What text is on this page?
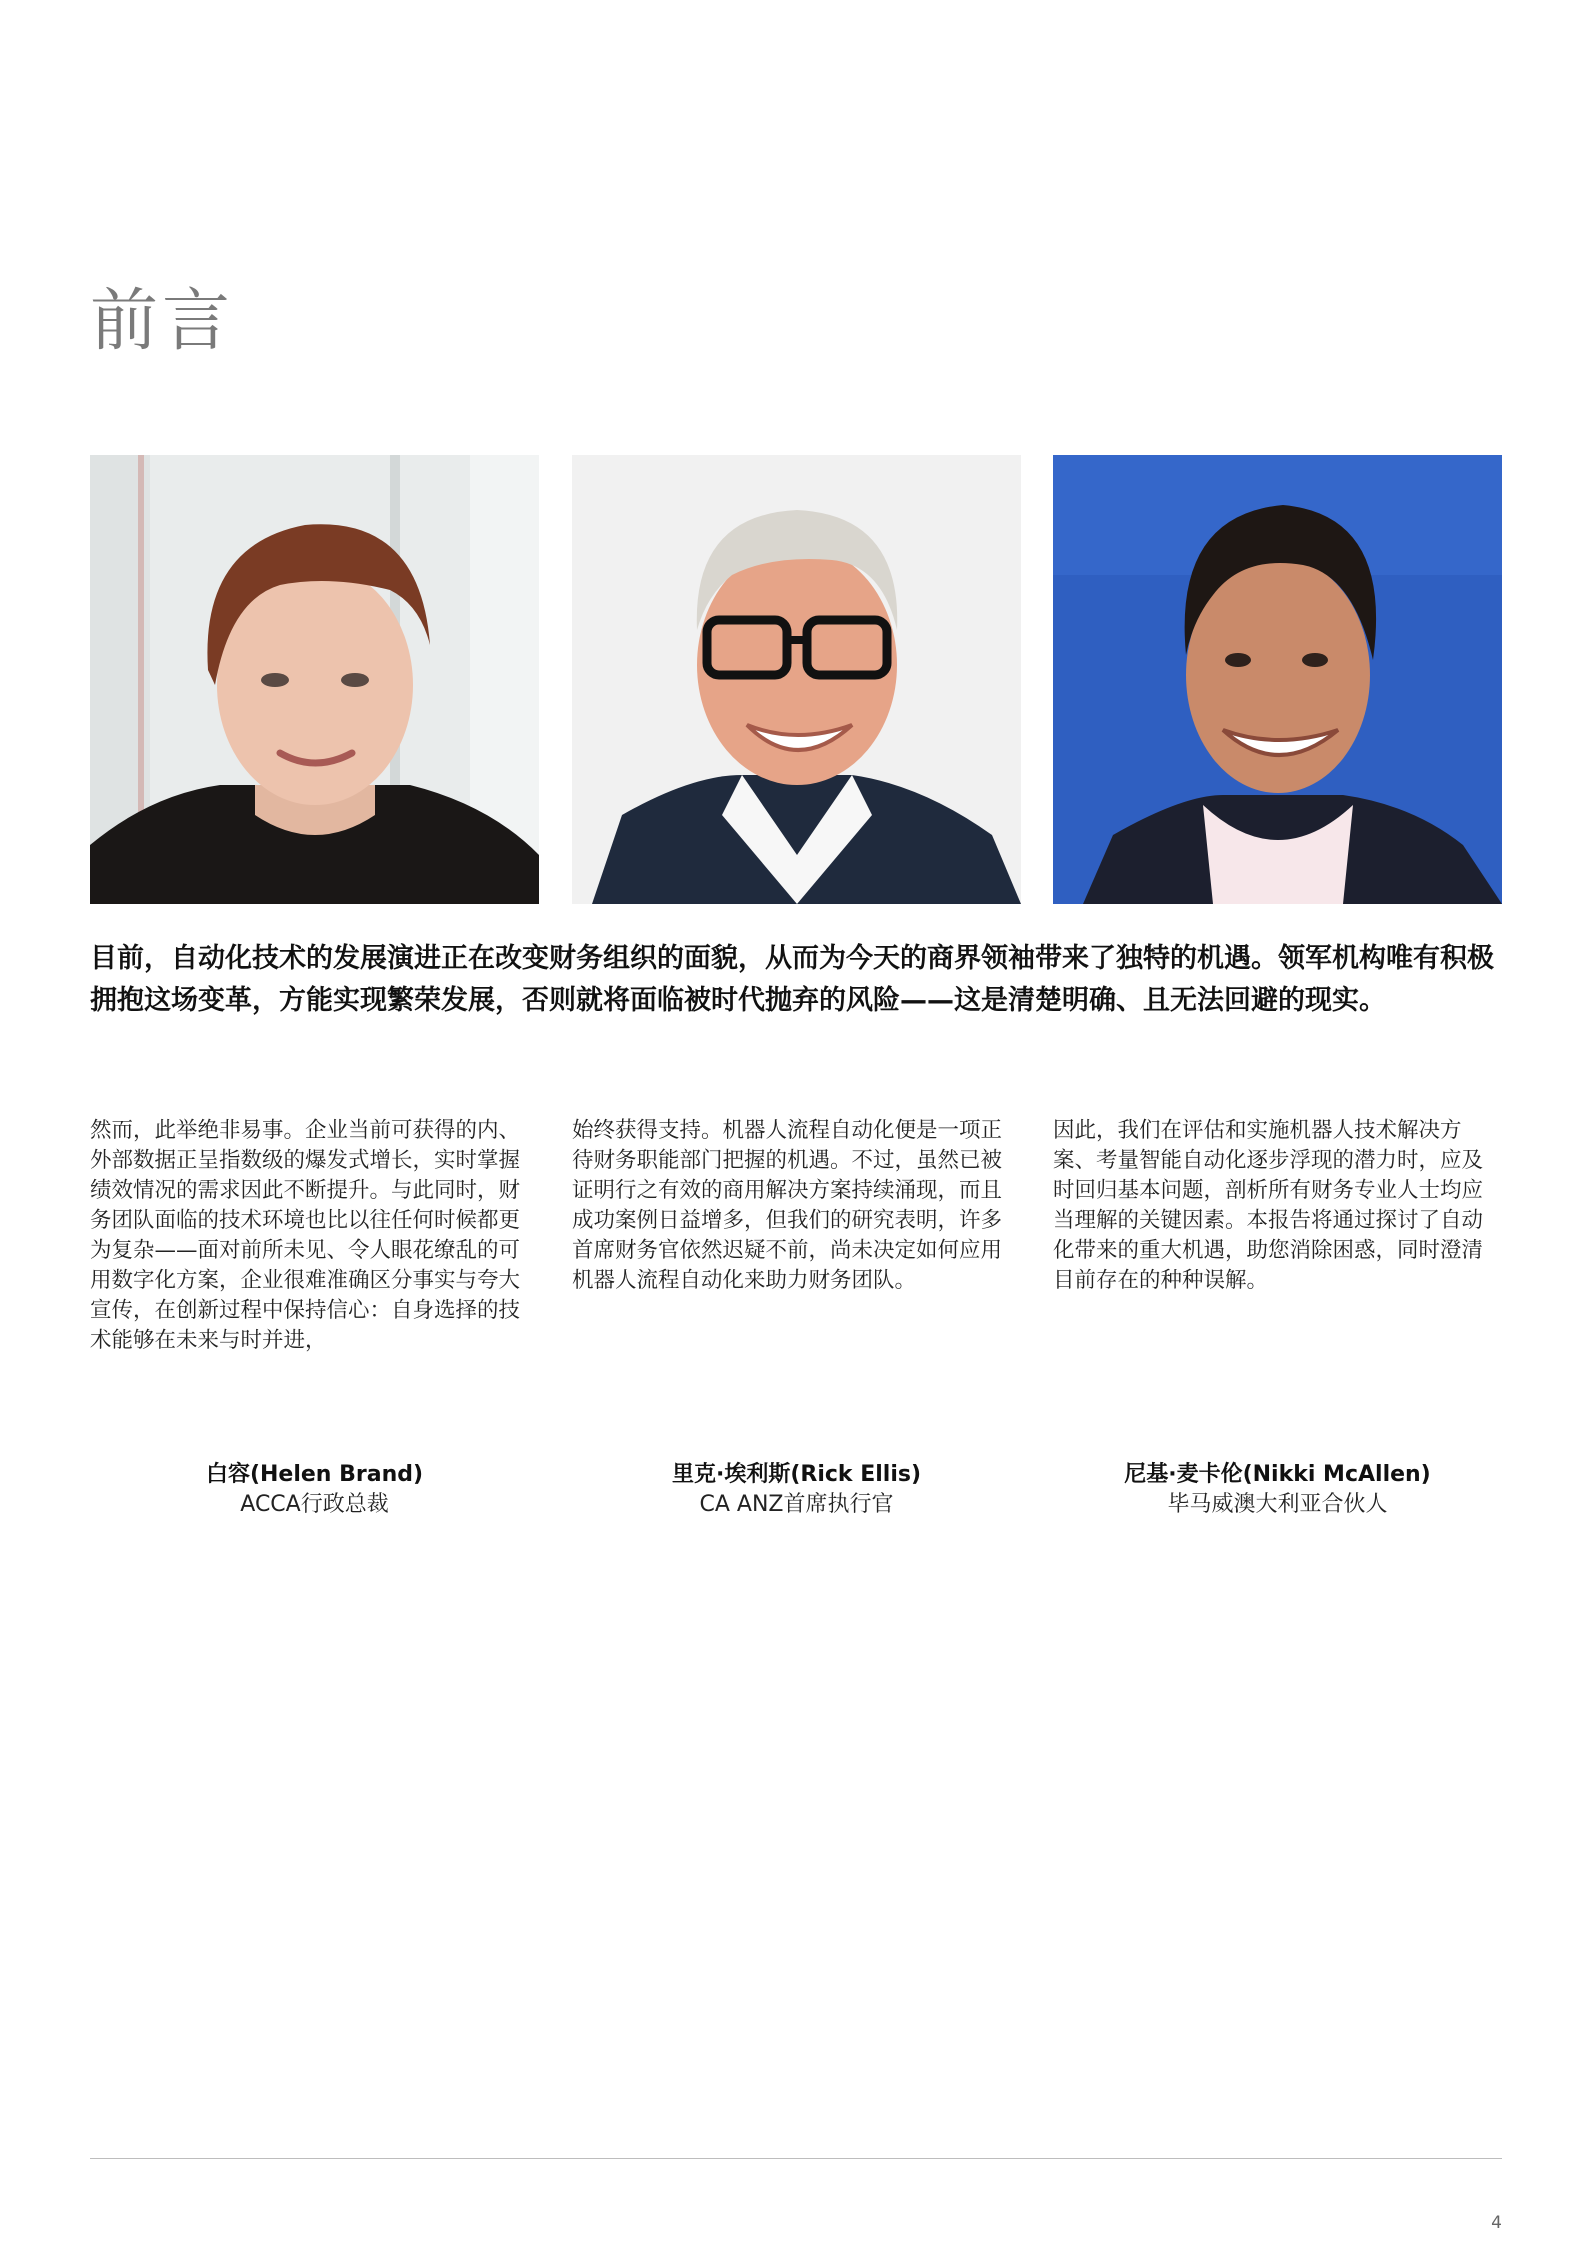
前言

目前，自动化技术的发展演进正在改变财务组织的面貌，从而为今天的商界领袖带来了独特的机遇。领军机构唯有积极拥抱这场变革，方能实现繁荣发展，否则就将面临被时代抛弃的风险——这是清楚明确、且无法回避的现实。

然而，此举绝非易事。企业当前可获得的内、外部数据正呈指数级的爆发式增长，实时掌握绩效情况的需求因此不断提升。与此同时，财务团队面临的技术环境也比以往任何时候都更为复杂——面对前所未见、令人眼花缭乱的可用数字化方案，企业很难准确区分事实与夸大宣传，在创新过程中保持信心：自身选择的技术能够在未来与时并进，

始终获得支持。机器人流程自动化便是一项正待财务职能部门把握的机遇。不过，虽然已被证明行之有效的商用解决方案持续涌现，而且成功案例日益增多，但我们的研究表明，许多首席财务官依然迟疑不前，尚未决定如何应用机器人流程自动化来助力财务团队。

因此，我们在评估和实施机器人技术解决方案、考量智能自动化逐步浮现的潜力时，应及时回归基本问题，剖析所有财务专业人士均应当理解的关键因素。本报告将通过探讨了自动化带来的重大机遇，助您消除困惑，同时澄清目前存在的种种误解。

白容(Helen Brand)
ACCA行政总裁
里克·埃利斯(Rick Ellis)
CA ANZ首席执行官
尼基·麦卡伦(Nikki McAllen)
毕马威澳大利亚合伙人
4
